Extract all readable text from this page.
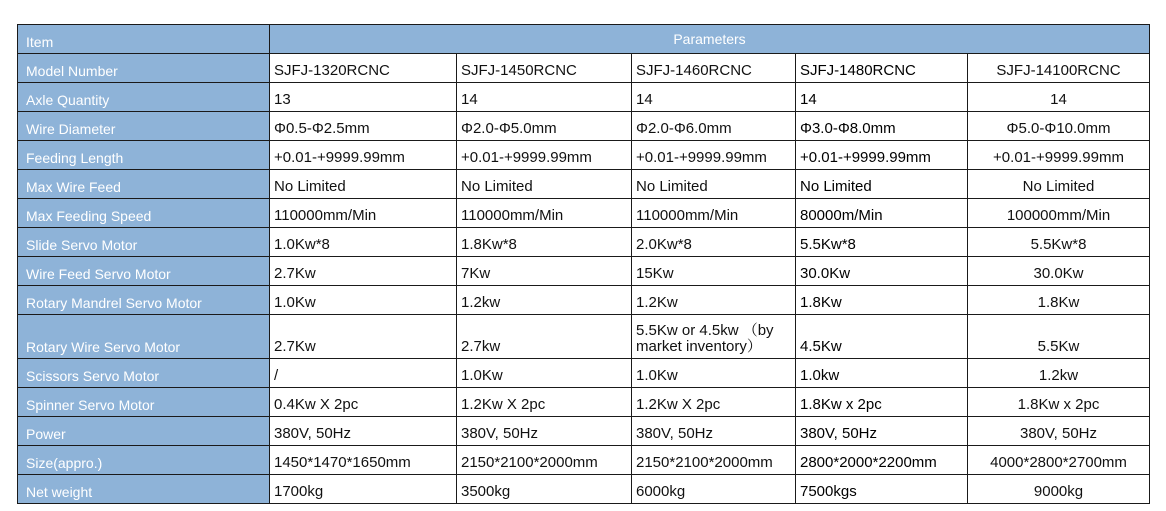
Item	Parameters				
Model Number	SJFJ-1320RCNC	SJFJ-1450RCNC	SJFJ-1460RCNC	SJFJ-1480RCNC	SJFJ-14100RCNC
Axle Quantity	13	14	14	14	14
Wire Diameter	Φ0.5-Φ2.5mm	Φ2.0-Φ5.0mm	Φ2.0-Φ6.0mm	Φ3.0-Φ8.0mm	Φ5.0-Φ10.0mm
Feeding Length	+0.01-+9999.99mm	+0.01-+9999.99mm	+0.01-+9999.99mm	+0.01-+9999.99mm	+0.01-+9999.99mm
Max Wire Feed	No Limited	No Limited	No Limited	No Limited	No Limited
Max Feeding Speed	110000mm/Min	110000mm/Min	110000mm/Min	80000m/Min	100000mm/Min
Slide Servo Motor	1.0Kw*8	1.8Kw*8	2.0Kw*8	5.5Kw*8	5.5Kw*8
Wire Feed Servo Motor	2.7Kw	7Kw	15Kw	30.0Kw	30.0Kw
Rotary Mandrel Servo Motor	1.0Kw	1.2kw	1.2Kw	1.8Kw	1.8Kw
Rotary Wire Servo Motor	2.7Kw	2.7kw	5.5Kw or 4.5kw （by market inventory）	4.5Kw	5.5Kw
Scissors Servo Motor	/	1.0Kw	1.0Kw	1.0kw	1.2kw
Spinner Servo Motor	0.4Kw X 2pc	1.2Kw X 2pc	1.2Kw X 2pc	1.8Kw x 2pc	1.8Kw x 2pc
Power	380V, 50Hz	380V, 50Hz	380V, 50Hz	380V, 50Hz	380V, 50Hz
Size(appro.)	1450*1470*1650mm	2150*2100*2000mm	2150*2100*2000mm	2800*2000*2200mm	4000*2800*2700mm
Net weight	1700kg	3500kg	6000kg	7500kgs	9000kg
